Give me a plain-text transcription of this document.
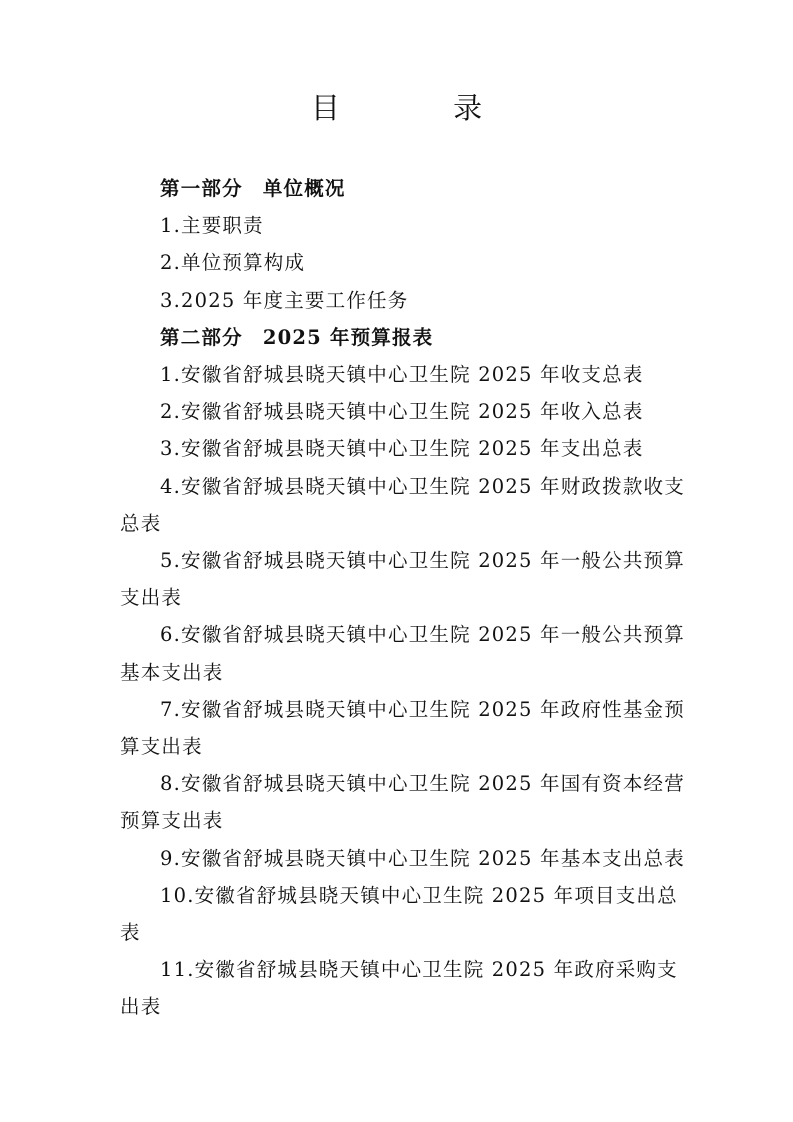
目 录
第一部分 单位概况
1.主要职责
2.单位预算构成
3.2025 年度主要工作任务
第二部分 2025 年预算报表
1.安徽省舒城县晓天镇中心卫生院 2025 年收支总表
2.安徽省舒城县晓天镇中心卫生院 2025 年收入总表
3.安徽省舒城县晓天镇中心卫生院 2025 年支出总表
4.安徽省舒城县晓天镇中心卫生院 2025 年财政拨款收支
总表
5.安徽省舒城县晓天镇中心卫生院 2025 年一般公共预算
支出表
6.安徽省舒城县晓天镇中心卫生院 2025 年一般公共预算
基本支出表
7.安徽省舒城县晓天镇中心卫生院 2025 年政府性基金预
算支出表
8.安徽省舒城县晓天镇中心卫生院 2025 年国有资本经营
预算支出表
9.安徽省舒城县晓天镇中心卫生院 2025 年基本支出总表
10.安徽省舒城县晓天镇中心卫生院 2025 年项目支出总
表
11.安徽省舒城县晓天镇中心卫生院 2025 年政府采购支
出表
